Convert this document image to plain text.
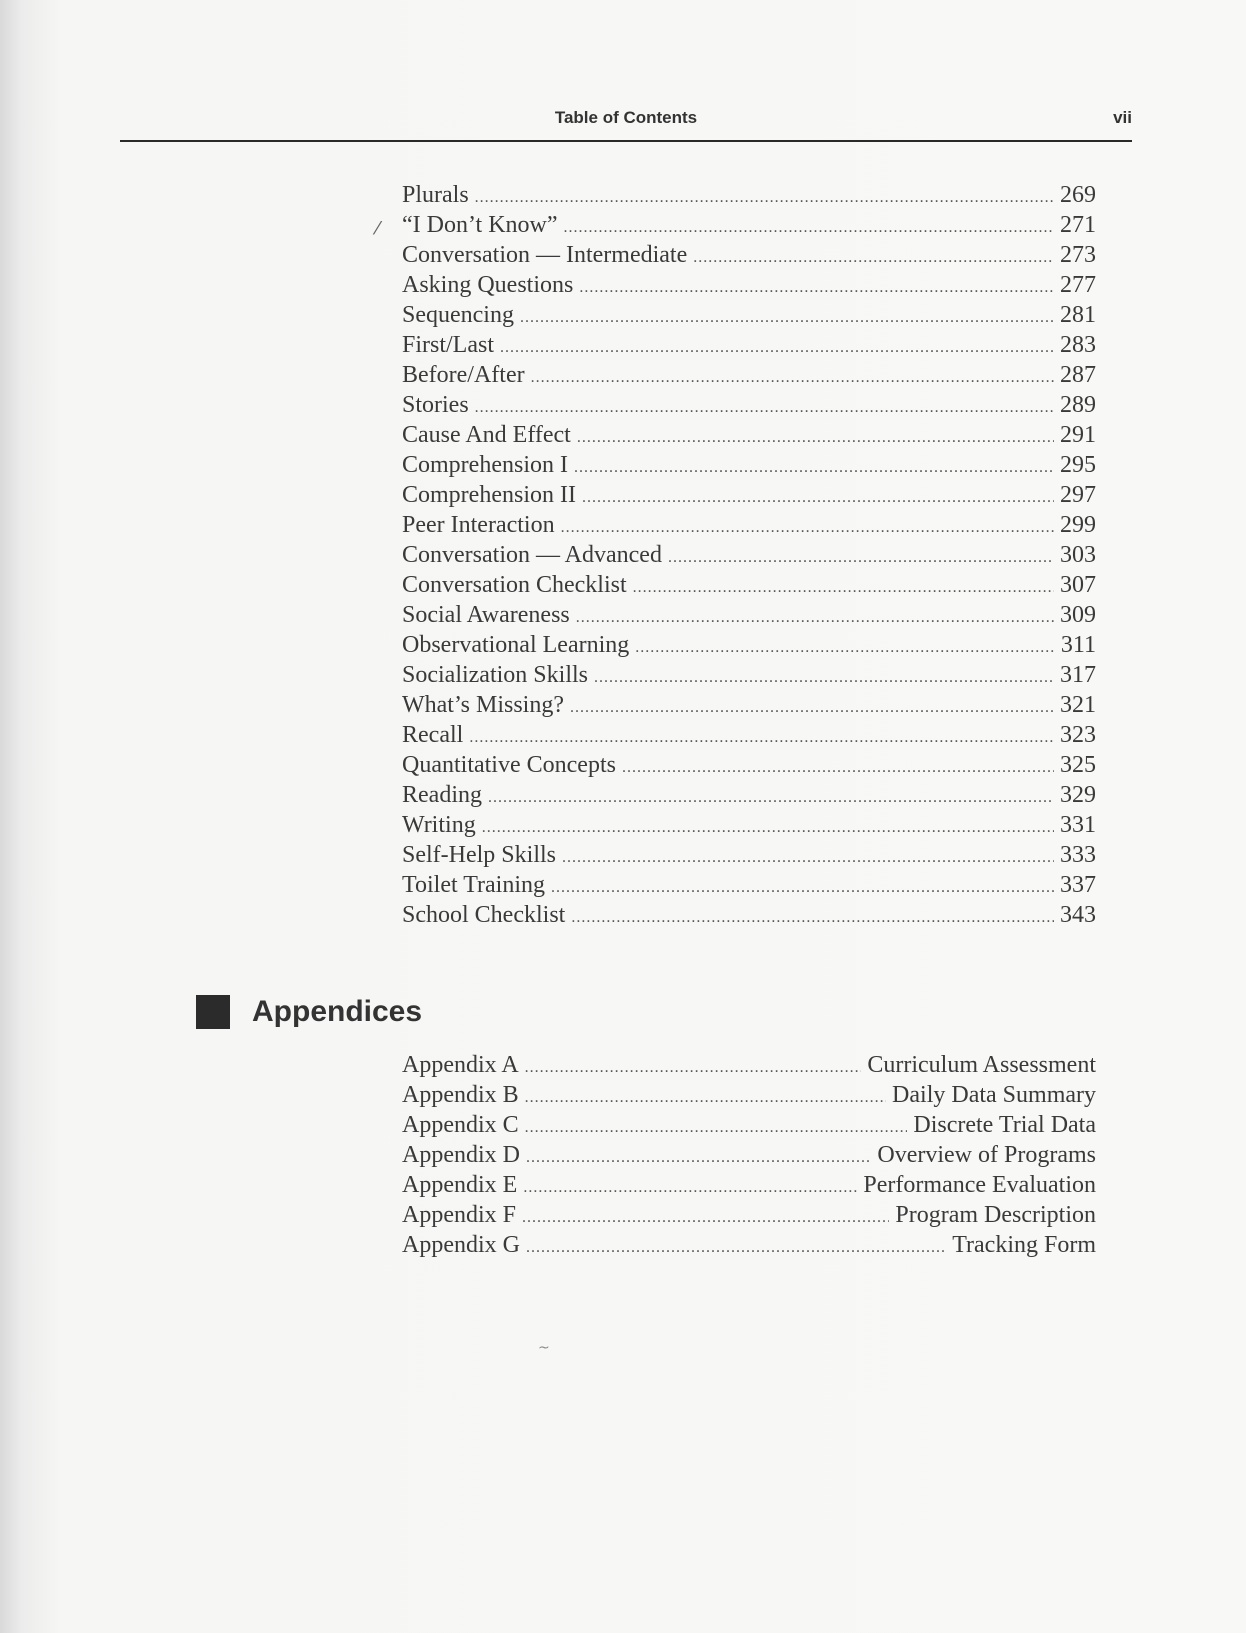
Table of Contents	vii
⁄
~
Plurals .....	269
“I Don’t Know” .....	271
Conversation — Intermediate .....	273
Asking Questions .....	277
Sequencing .....	281
First/Last .....	283
Before/After .....	287
Stories .....	289
Cause And Effect .....	291
Comprehension I .....	295
Comprehension II .....	297
Peer Interaction .....	299
Conversation — Advanced .....	303
Conversation Checklist .....	307
Social Awareness .....	309
Observational Learning .....	311
Socialization Skills .....	317
What’s Missing? .....	321
Recall .....	323
Quantitative Concepts .....	325
Reading .....	329
Writing .....	331
Self-Help Skills .....	333
Toilet Training .....	337
School Checklist .....	343
Appendices
Appendix A .....	Curriculum Assessment
Appendix B .....	Daily Data Summary
Appendix C .....	Discrete Trial Data
Appendix D .....	Overview of Programs
Appendix E .....	Performance Evaluation
Appendix F .....	Program Description
Appendix G .....	Tracking Form
